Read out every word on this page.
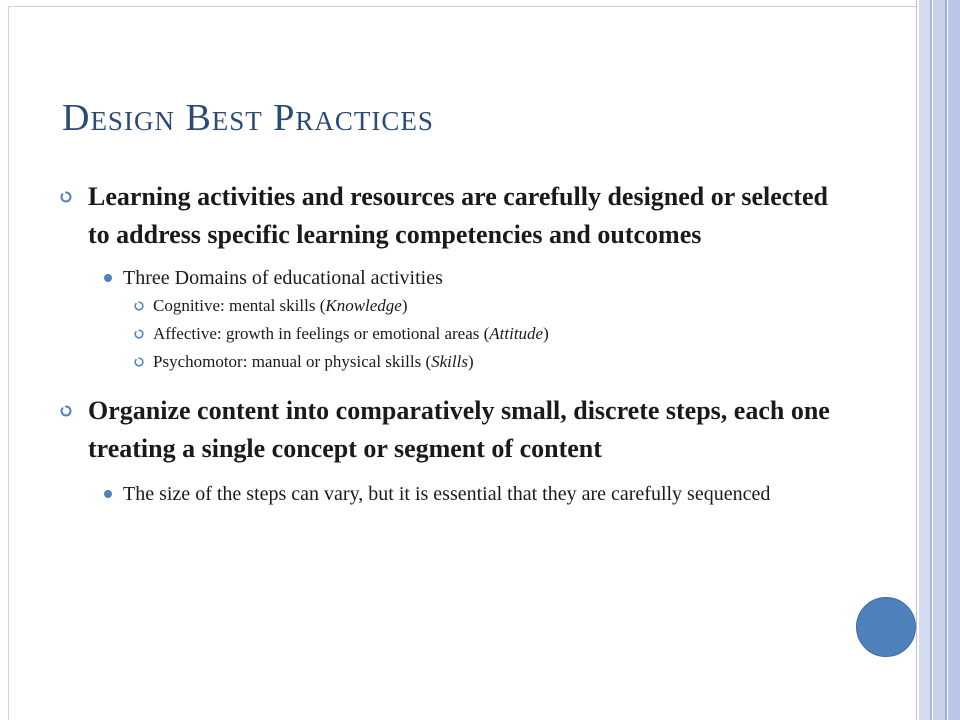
Design Best Practices
Learning activities and resources are carefully designed or selected to address specific learning competencies and outcomes
Three Domains of educational activities
Cognitive: mental skills (Knowledge)
Affective: growth in feelings or emotional areas (Attitude)
Psychomotor: manual or physical skills (Skills)
Organize content into comparatively small, discrete steps, each one treating a single concept or segment of content
The size of the steps can vary, but it is essential that they are carefully sequenced
